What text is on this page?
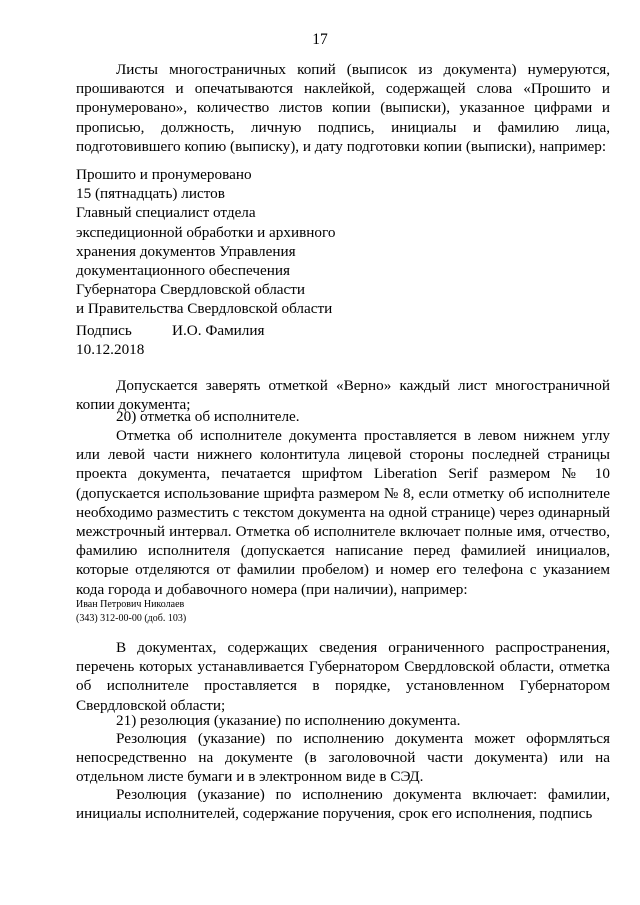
17

Листы многостраничных копий (выписок из документа) нумеруются, прошиваются и опечатываются наклейкой, содержащей слова «Прошито и пронумеровано», количество листов копии (выписки), указанное цифрами и прописью, должность, личную подпись, инициалы и фамилию лица, подготовившего копию (выписку), и дату подготовки копии (выписки), например:

Прошито и пронумеровано
15 (пятнадцать) листов
Главный специалист отдела
экспедиционной обработки и архивного
хранения документов Управления
документационного обеспечения
Губернатора Свердловской области
и Правительства Свердловской области
Подпись	И.О. Фамилия
10.12.2018

Допускается заверять отметкой «Верно» каждый лист многостраничной копии документа;

20) отметка об исполнителе.

Отметка об исполнителе документа проставляется в левом нижнем углу или левой части нижнего колонтитула лицевой стороны последней страницы проекта документа, печатается шрифтом Liberation Serif размером № 10 (допускается использование шрифта размером № 8, если отметку об исполнителе необходимо разместить с текстом документа на одной странице) через одинарный межстрочный интервал. Отметка об исполнителе включает полные имя, отчество, фамилию исполнителя (допускается написание перед фамилией инициалов, которые отделяются от фамилии пробелом) и номер его телефона с указанием кода города и добавочного номера (при наличии), например:

Иван Петрович Николаев
(343) 312-00-00 (доб. 103)

В документах, содержащих сведения ограниченного распространения, перечень которых устанавливается Губернатором Свердловской области, отметка об исполнителе проставляется в порядке, установленном Губернатором Свердловской области;

21) резолюция (указание) по исполнению документа.

Резолюция (указание) по исполнению документа может оформляться непосредственно на документе (в заголовочной части документа) или на отдельном листе бумаги и в электронном виде в СЭД.

Резолюция (указание) по исполнению документа включает: фамилии, инициалы исполнителей, содержание поручения, срок его исполнения, подпись
